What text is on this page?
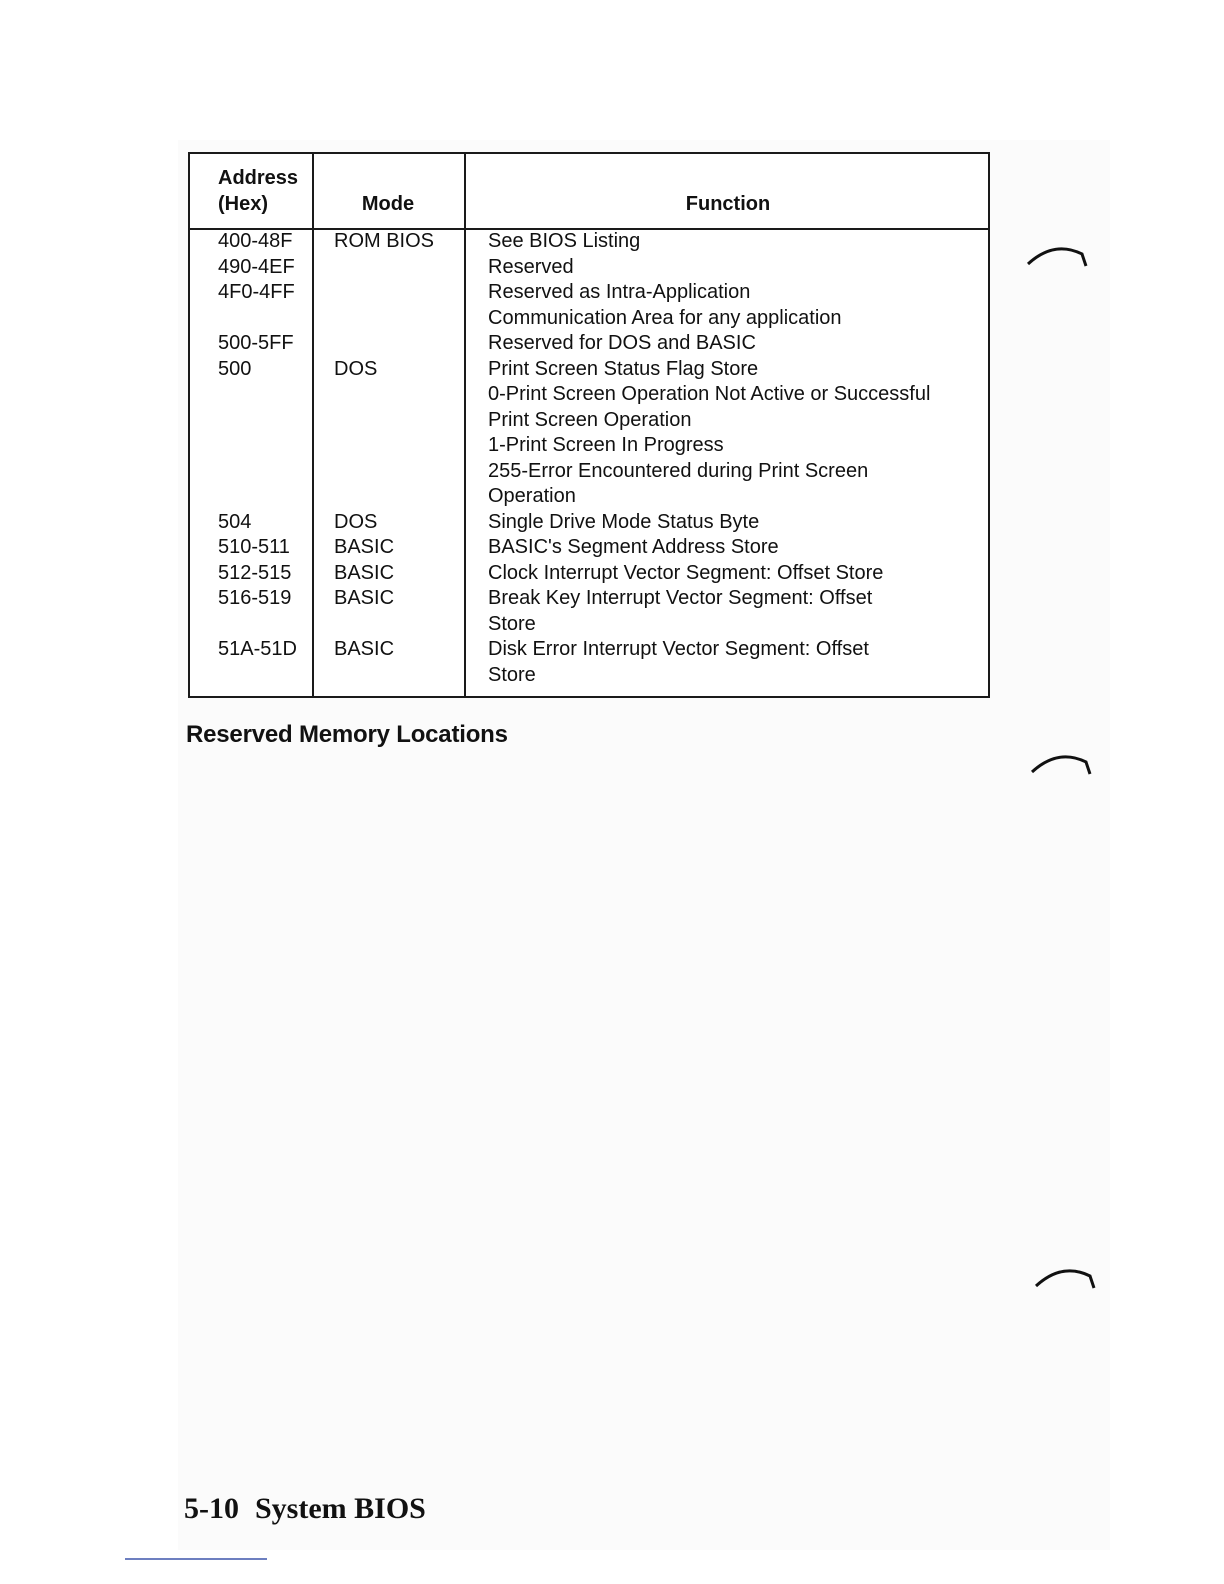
Address
(Hex)	Mode	Function
400-48F
490-4EF
4F0-4FF
500-5FF
500
504
510-511
512-515
516-519
51A-51D
ROM BIOS
DOS
DOS
BASIC
BASIC
BASIC
BASIC
See BIOS Listing
Reserved
Reserved as Intra-Application
Communication Area for any application
Reserved for DOS and BASIC
Print Screen Status Flag Store
0-Print Screen Operation Not Active or Successful
Print Screen Operation
1-Print Screen In Progress
255-Error Encountered during Print Screen
Operation
Single Drive Mode Status Byte
BASIC's Segment Address Store
Clock Interrupt Vector Segment: Offset Store
Break Key Interrupt Vector Segment: Offset
Store
Disk Error Interrupt Vector Segment: Offset
Store
Reserved Memory Locations
5-10 System BIOS
